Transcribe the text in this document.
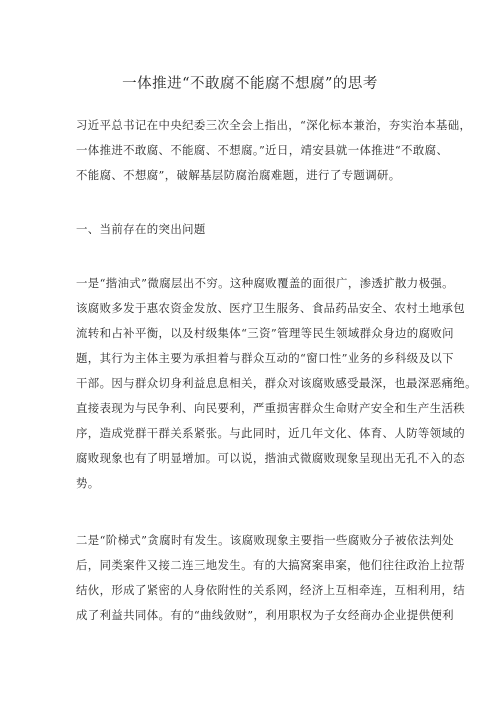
一体推进“不敢腐不能腐不想腐”的思考
习近平总书记在中央纪委三次全会上指出，“深化标本兼治，夯实治本基础，
一体推进不敢腐、不能腐、不想腐。”近日，靖安县就一体推进“不敢腐、
不能腐、不想腐”，破解基层防腐治腐难题，进行了专题调研。
一、当前存在的突出问题
一是“揩油式”微腐层出不穷。这种腐败覆盖的面很广，渗透扩散力极强。
该腐败多发于惠农资金发放、医疗卫生服务、食品药品安全、农村土地承包
流转和占补平衡，以及村级集体“三资”管理等民生领域群众身边的腐败问
题，其行为主体主要为承担着与群众互动的“窗口性”业务的乡科级及以下
干部。因与群众切身利益息息相关，群众对该腐败感受最深，也最深恶痛绝。
直接表现为与民争利、向民要利，严重损害群众生命财产安全和生产生活秩
序，造成党群干群关系紧张。与此同时，近几年文化、体育、人防等领域的
腐败现象也有了明显增加。可以说，揩油式微腐败现象呈现出无孔不入的态
势。
二是“阶梯式”贪腐时有发生。该腐败现象主要指一些腐败分子被依法判处
后，同类案件又接二连三地发生。有的大搞窝案串案，他们往往政治上拉帮
结伙，形成了紧密的人身依附性的关系网，经济上互相牵连，互相利用，结
成了利益共同体。有的“曲线敛财”，利用职权为子女经商办企业提供便利
